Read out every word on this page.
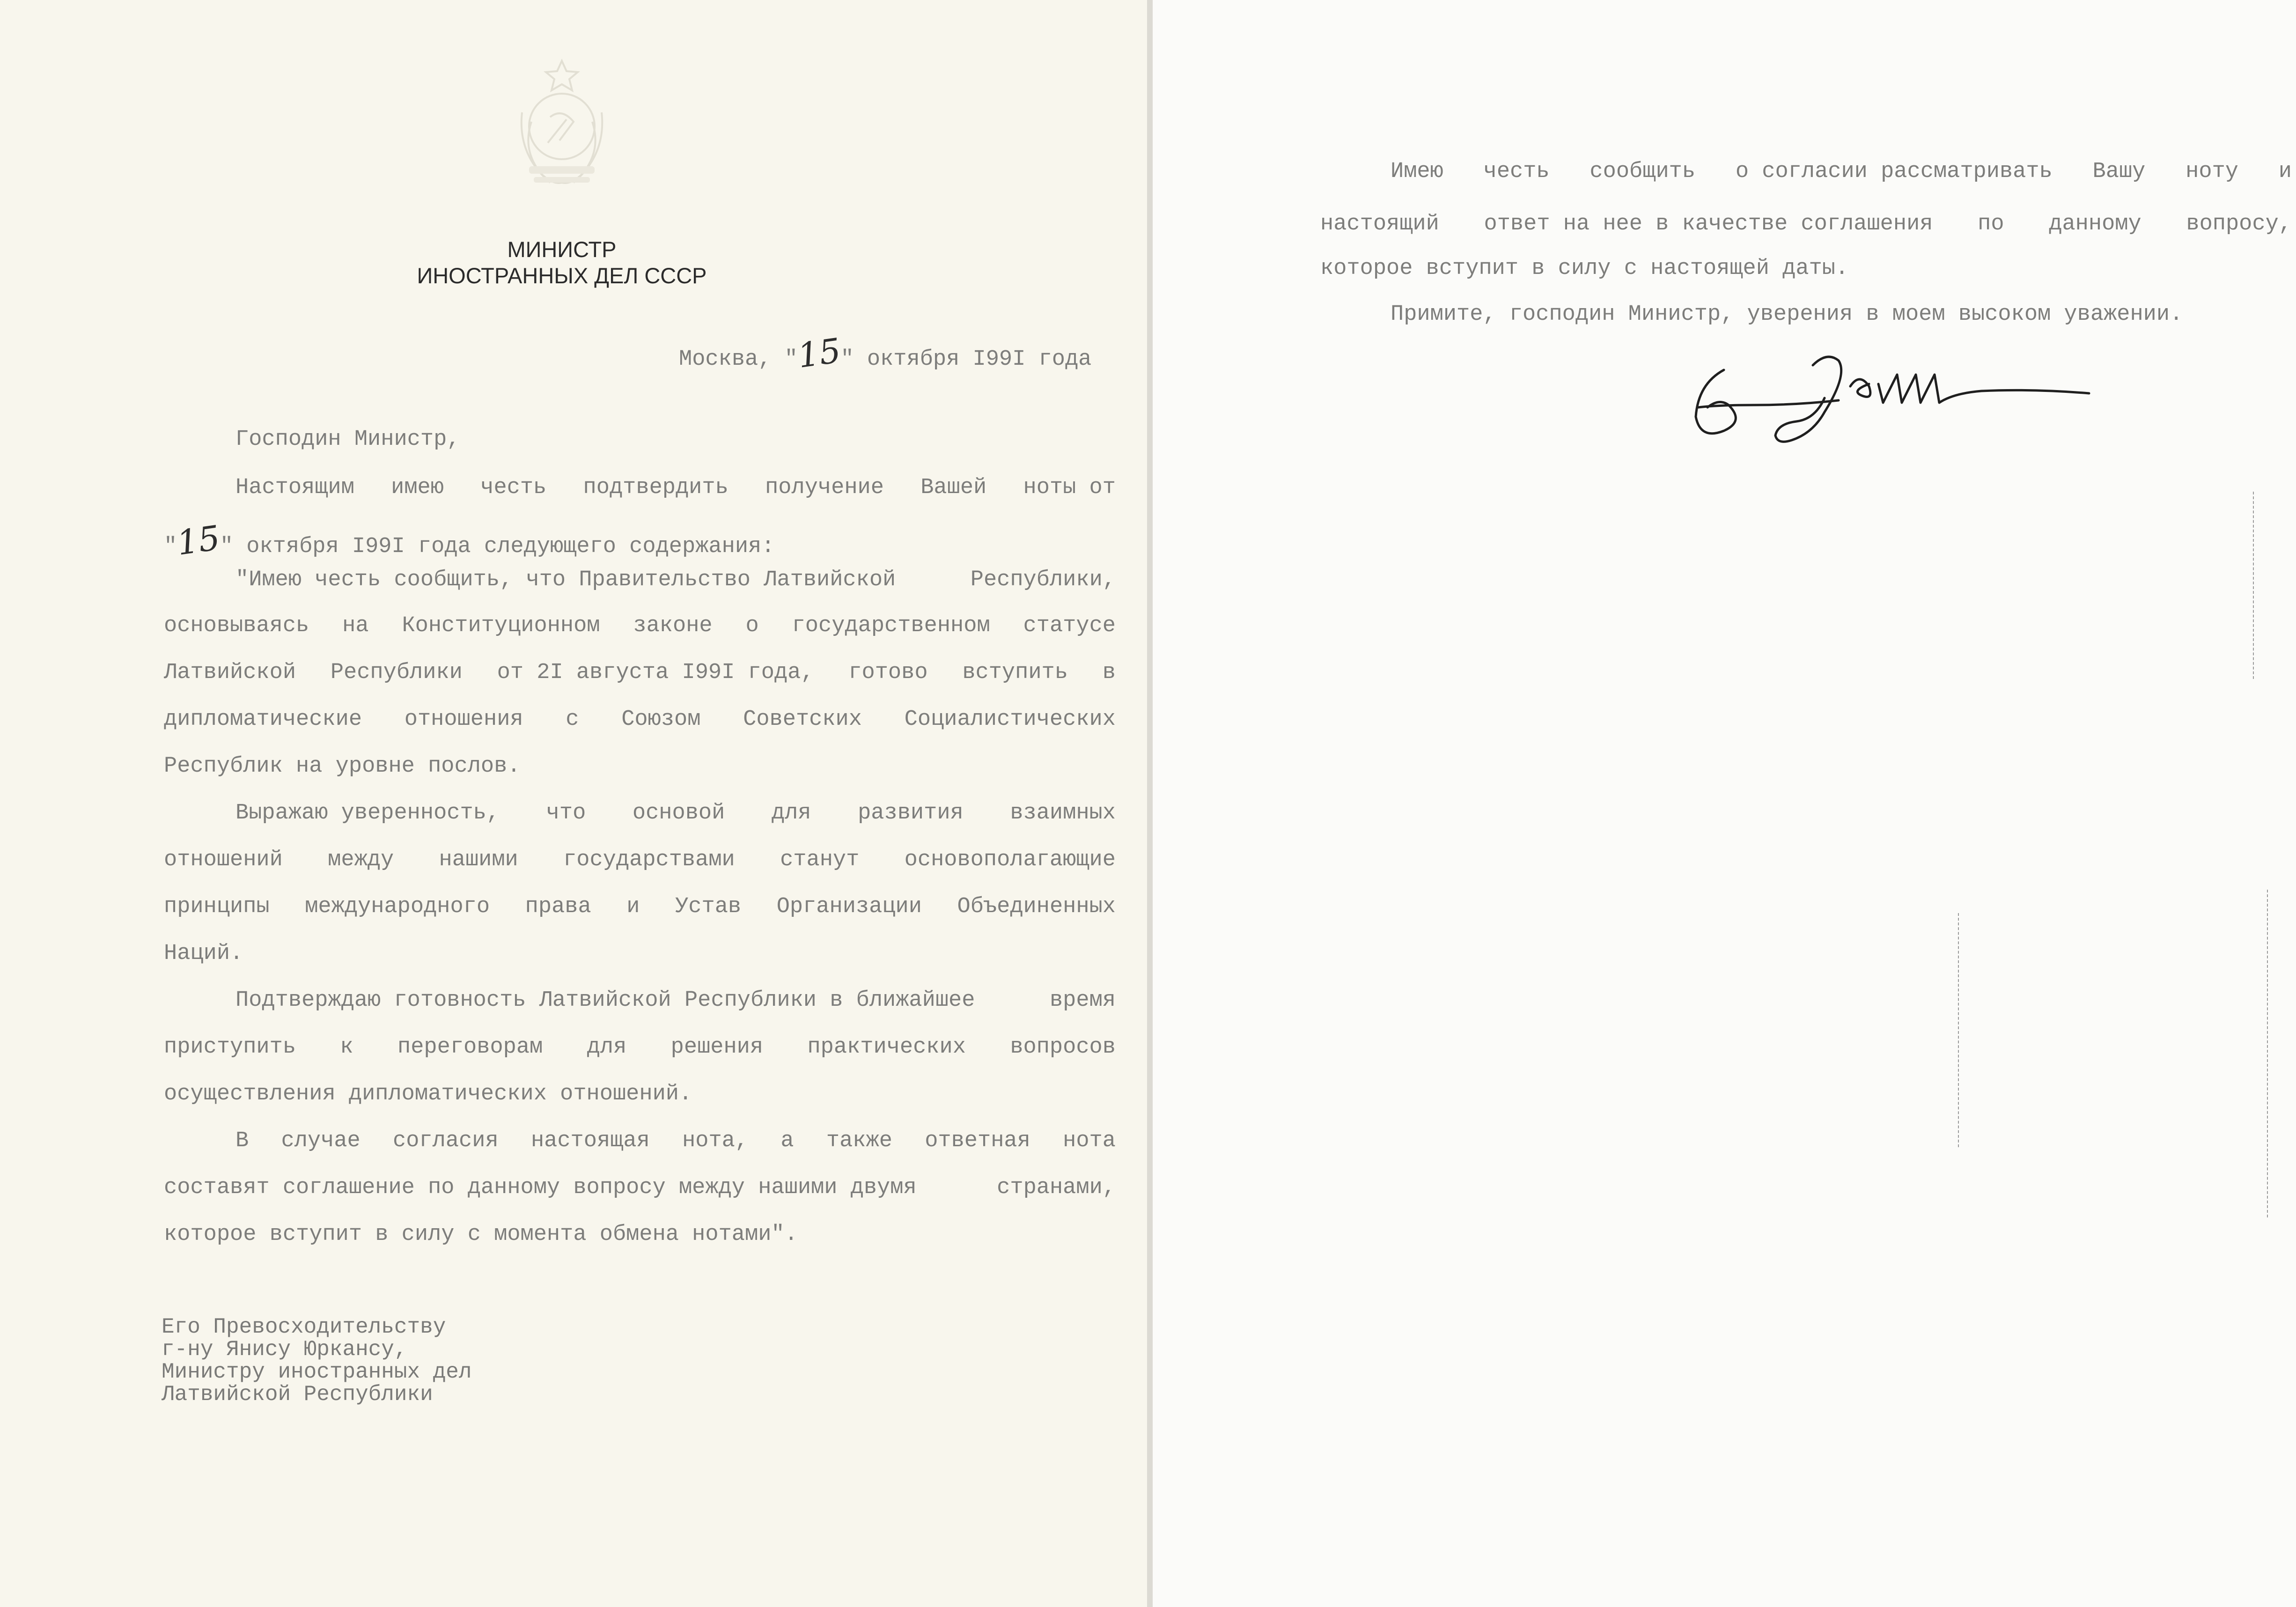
МИНИСТР
ИНОСТРАННЫХ ДЕЛ СССР
Москва, "15" октября I99I года
Господин Министр,
Настоящим имею честь подтвердить получение Вашей ноты от
"15" октября I99I года следующего содержания:
"Имею честь сообщить, что Правительство Латвийской	Республики,
основываясь на Конституционном законе о государственном статусе
Латвийской Республики от 2I августа I99I года, готово вступить в
дипломатические отношения с Союзом Советских Социалистических
Республик на уровне послов.
Выражаю уверенность, что основой для развития взаимных
отношений между нашими государствами станут основополагающие
принципы международного права и Устав Организации Объединенных
Наций.
Подтверждаю готовность Латвийской Республики в ближайшее	время
приступить к переговорам для решения практических вопросов
осуществления дипломатических отношений.
В случае согласия настоящая нота, а также ответная нота
составят соглашение по данному вопросу между нашими двумя	странами,
которое вступит в силу с момента обмена нотами".
Его Превосходительству
г-ну Янису Юркансу,
Министру иностранных дел
Латвийской Республики
Имею честь сообщить о согласии рассматривать Вашу ноту и
настоящий ответ на нее в качестве соглашения по данному вопросу,
которое вступит в силу с настоящей даты.
Примите, господин Министр, уверения в моем высоком уважении.
